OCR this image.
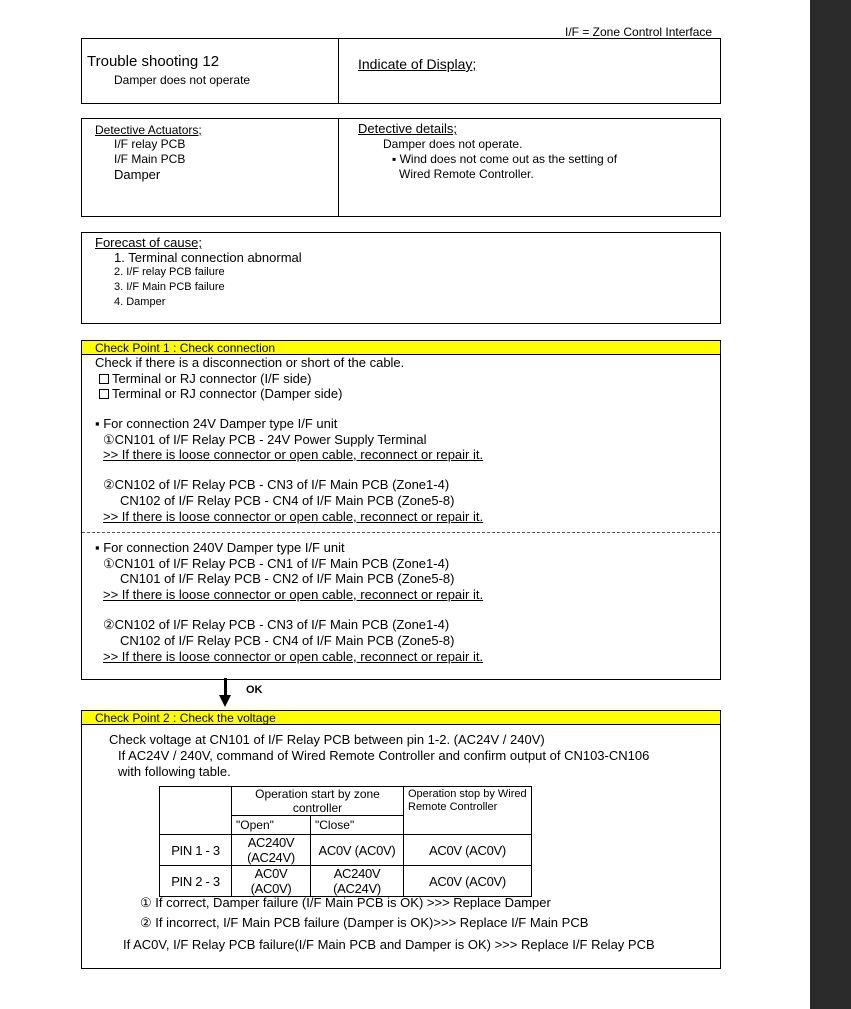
I/F = Zone Control Interface
Trouble shooting 12
Damper does not operate
Indicate of Display;
Detective Actuators;
I/F relay PCB
I/F Main PCB
Damper
Detective details;
Damper does not operate.
▪ Wind does not come out as the setting of
Wired Remote Controller.
Forecast of cause;
1. Terminal connection abnormal
2. I/F relay PCB failure
3. I/F Main PCB failure
4. Damper
Check Point 1 : Check connection
Check if there is a disconnection or short of the cable.
Terminal or RJ connector (I/F side)
Terminal or RJ connector (Damper side)
▪ For connection 24V Damper type I/F unit
①CN101 of I/F Relay PCB - 24V Power Supply Terminal
>> If there is loose connector or open cable, reconnect or repair it.
②CN102 of I/F Relay PCB - CN3 of I/F Main PCB (Zone1-4)
CN102 of I/F Relay PCB - CN4 of I/F Main PCB (Zone5-8)
>> If there is loose connector or open cable, reconnect or repair it.
▪ For connection 240V Damper type I/F unit
①CN101 of I/F Relay PCB - CN1 of I/F Main PCB (Zone1-4)
CN101 of I/F Relay PCB - CN2 of I/F Main PCB (Zone5-8)
>> If there is loose connector or open cable, reconnect or repair it.
②CN102 of I/F Relay PCB - CN3 of I/F Main PCB (Zone1-4)
CN102 of I/F Relay PCB - CN4 of I/F Main PCB (Zone5-8)
>> If there is loose connector or open cable, reconnect or repair it.
OK
Check Point 2 : Check the voltage
Check voltage at CN101 of I/F Relay PCB between pin 1-2. (AC24V / 240V)
If AC24V / 240V, command of Wired Remote Controller and confirm output of CN103-CN106
with following table.
	Operation start by zone controller		Operation stop by Wired Remote Controller
	"Open"	"Close"	
PIN 1 - 3	AC240V (AC24V)	AC0V (AC0V)	AC0V (AC0V)
PIN 2 - 3	AC0V (AC0V)	AC240V (AC24V)	AC0V (AC0V)
① If correct, Damper failure (I/F Main PCB is OK) >>> Replace Damper
② If incorrect, I/F Main PCB failure (Damper is OK)>>> Replace I/F Main PCB
If AC0V, I/F Relay PCB failure(I/F Main PCB and Damper is OK) >>> Replace I/F Relay PCB
